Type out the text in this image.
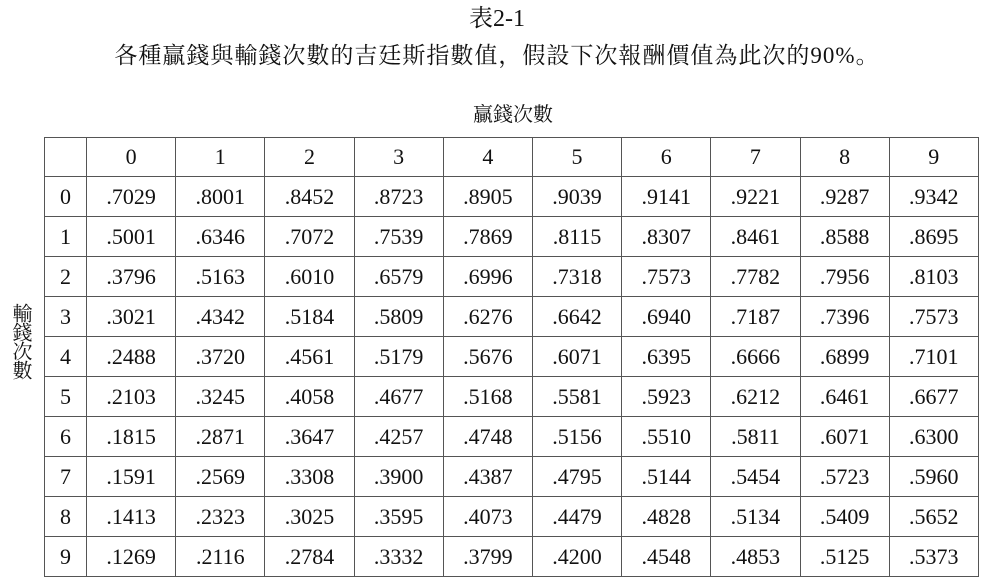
表2-1
各種贏錢與輸錢次數的吉廷斯指數值，假設下次報酬價值為此次的90%。
贏錢次數
輸錢次數
	0	1	2	3	4	5	6	7	8	9
0	.7029	.8001	.8452	.8723	.8905	.9039	.9141	.9221	.9287	.9342
1	.5001	.6346	.7072	.7539	.7869	.8115	.8307	.8461	.8588	.8695
2	.3796	.5163	.6010	.6579	.6996	.7318	.7573	.7782	.7956	.8103
3	.3021	.4342	.5184	.5809	.6276	.6642	.6940	.7187	.7396	.7573
4	.2488	.3720	.4561	.5179	.5676	.6071	.6395	.6666	.6899	.7101
5	.2103	.3245	.4058	.4677	.5168	.5581	.5923	.6212	.6461	.6677
6	.1815	.2871	.3647	.4257	.4748	.5156	.5510	.5811	.6071	.6300
7	.1591	.2569	.3308	.3900	.4387	.4795	.5144	.5454	.5723	.5960
8	.1413	.2323	.3025	.3595	.4073	.4479	.4828	.5134	.5409	.5652
9	.1269	.2116	.2784	.3332	.3799	.4200	.4548	.4853	.5125	.5373
